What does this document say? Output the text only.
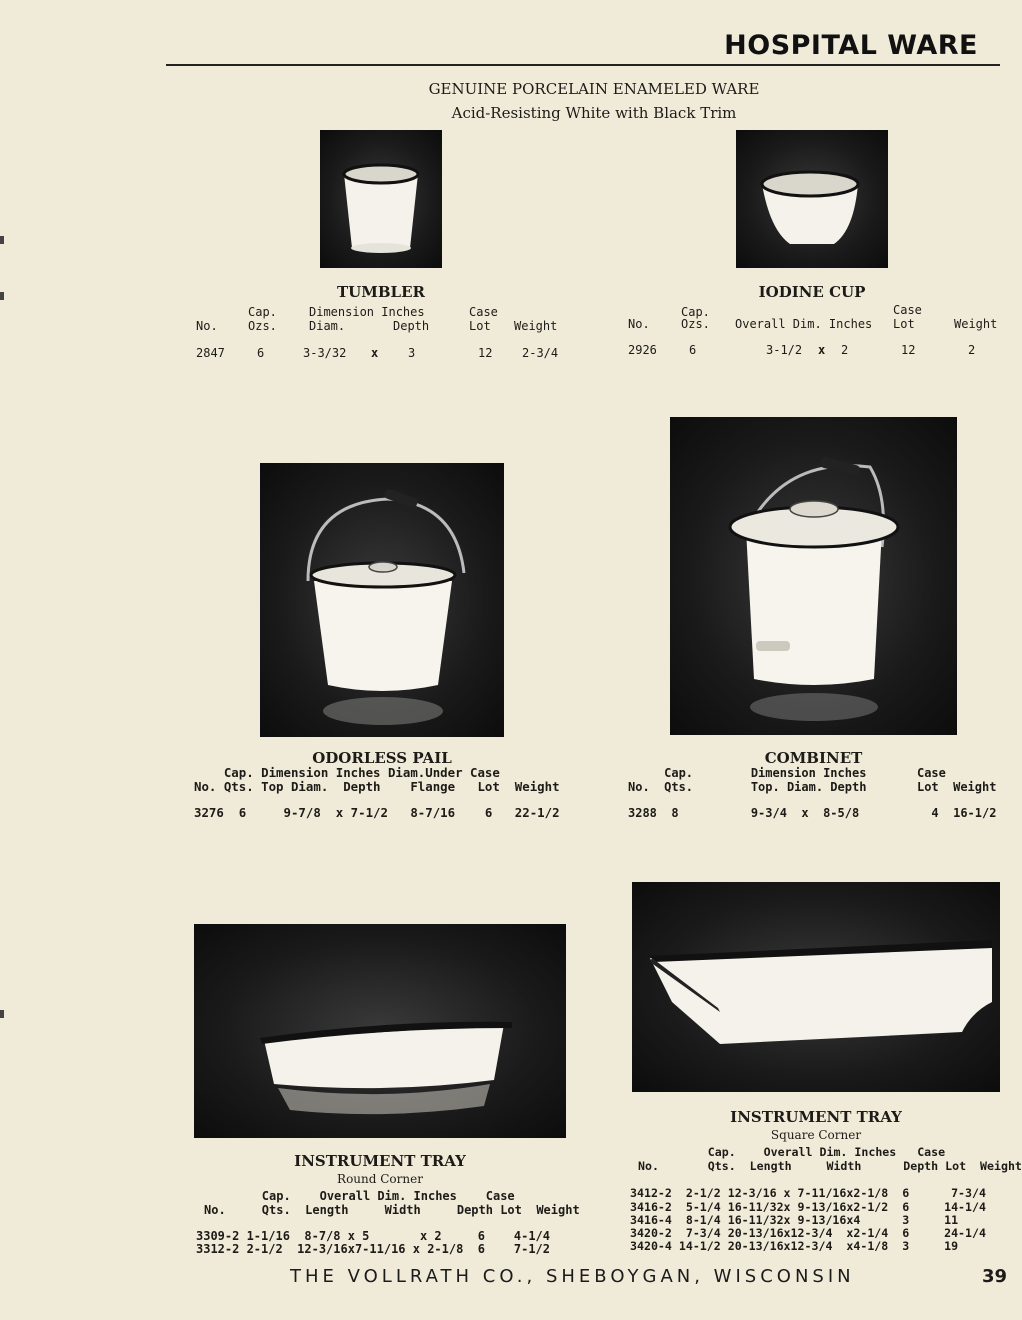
HOSPITAL WARE
GENUINE PORCELAIN ENAMELED WARE
Acid-Resisting White with Black Trim
TUMBLER
Cap.	Dimension Inches	Case
No.	Ozs.	Diam.	Depth	Lot Weight
2847	6	3-3/32 x 3	12 2-3/4
IODINE CUP
Cap.	Case
No.	Ozs. Overall Dim. Inches Lot	Weight
2926	6	3-1/2 x 2	12	2
ODORLESS PAIL
Cap. Dimension Inches Diam.Under Case
No. Qts. Top Diam.  Depth    Flange   Lot  Weight
3276  6     9-7/8  x 7-1/2   8-7/16    6   22-1/2
COMBINET
Cap.        Dimension Inches       Case
No.  Qts.        Top. Diam. Depth       Lot  Weight
3288  8          9-3/4  x  8-5/8          4  16-1/2
INSTRUMENT TRAY
Round Corner
Cap.    Overall Dim. Inches    Case
No.     Qts.  Length     Width     Depth Lot  Weight
3309-2 1-1/16  8-7/8 x 5       x 2     6    4-1/4
3312-2 2-1/2  12-3/16x7-11/16 x 2-1/8  6    7-1/2
INSTRUMENT TRAY
Square Corner
Cap.    Overall Dim. Inches   Case
No.       Qts.  Length     Width      Depth Lot  Weight
3412-2  2-1/2 12-3/16 x 7-11/16x2-1/8  6      7-3/4
3416-2  5-1/4 16-11/32x 9-13/16x2-1/2  6     14-1/4
3416-4  8-1/4 16-11/32x 9-13/16x4      3     11
3420-2  7-3/4 20-13/16x12-3/4  x2-1/4  6     24-1/4
3420-4 14-1/2 20-13/16x12-3/4  x4-1/8  3     19
THE VOLLRATH CO., SHEBOYGAN, WISCONSIN	39
